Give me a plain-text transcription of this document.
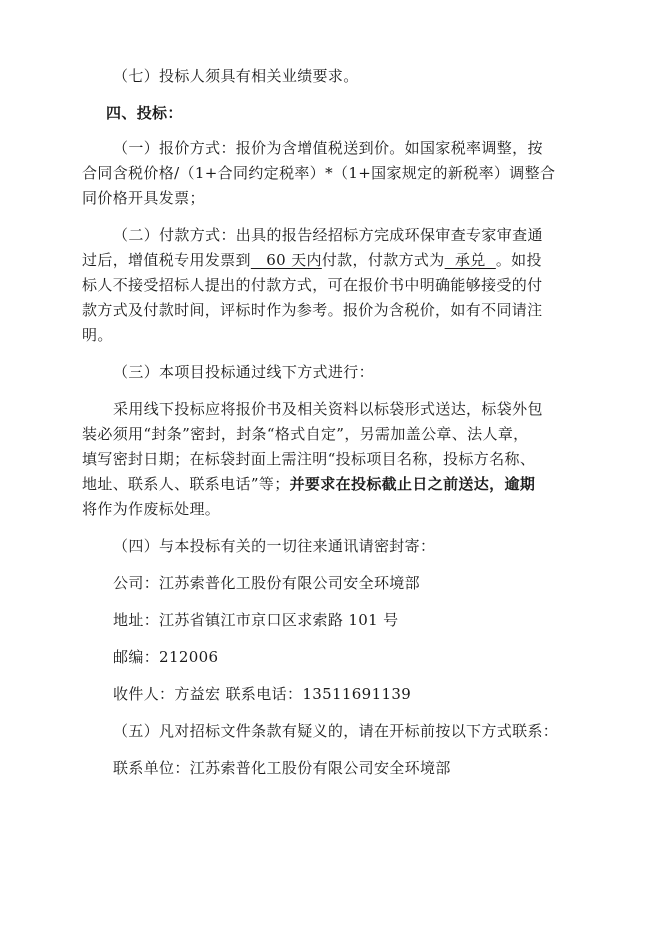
（七）投标人须具有相关业绩要求。
四、投标：
（一）报价方式：报价为含增值税送到价。如国家税率调整，按
合同含税价格/（1+合同约定税率）*（1+国家规定的新税率）调整合
同价格开具发票；
（二）付款方式：出具的报告经招标方完成环保审查专家审查通
过后，增值税专用发票到   60 天内付款，付款方式为  承兑  。如投
标人不接受招标人提出的付款方式，可在报价书中明确能够接受的付
款方式及付款时间，评标时作为参考。报价为含税价，如有不同请注
明。
（三）本项目投标通过线下方式进行：
采用线下投标应将报价书及相关资料以标袋形式送达，标袋外包
装必须用“封条”密封，封条“格式自定”，另需加盖公章、法人章，
填写密封日期；在标袋封面上需注明“投标项目名称，投标方名称、
地址、联系人、联系电话”等；并要求在投标截止日之前送达，逾期
将作为作废标处理。
（四）与本投标有关的一切往来通讯请密封寄：
公司：江苏索普化工股份有限公司安全环境部
地址：江苏省镇江市京口区求索路 101 号
邮编：212006
收件人：方益宏 联系电话：13511691139
（五）凡对招标文件条款有疑义的，请在开标前按以下方式联系：
联系单位：江苏索普化工股份有限公司安全环境部
